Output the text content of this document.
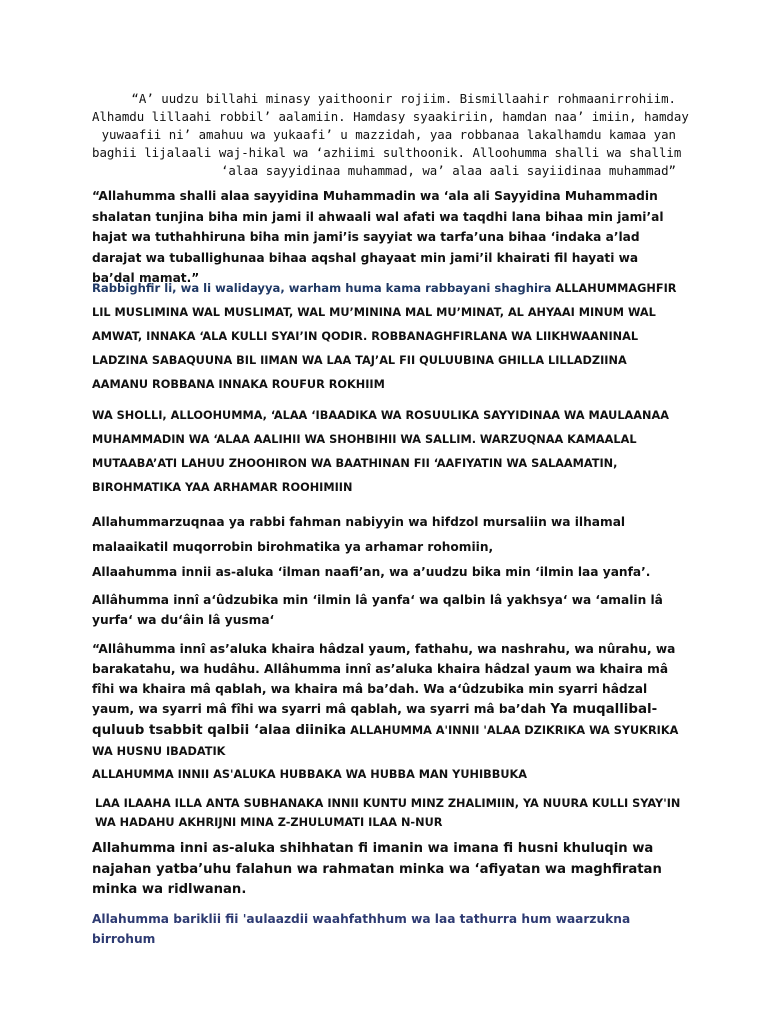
“A’ uudzu billahi minasy yaithoonir rojiim. Bismillaahir rohmaanirrohiim.
Alhamdu lillaahi robbil’ aalamiin. Hamdasy syaakiriin, hamdan naa’ imiin, hamday
yuwaafii ni’ amahuu wa yukaafi’ u mazzidah, yaa robbanaa lakalhamdu kamaa yan
baghii lijalaali waj-hikal wa ‘azhiimi sulthoonik. Alloohumma shalli wa shallim
‘alaa sayyidinaa muhammad, wa’ alaa aali sayiidinaa muhammad”
“Allahumma shalli alaa sayyidina Muhammadin wa ‘ala ali Sayyidina Muhammadin shalatan tunjina biha min jami il ahwaali wal afati wa taqdhi lana bihaa min jami’al hajat wa tuthahhiruna biha min jami’is sayyiat wa tarfa’una bihaa ‘indaka a’lad darajat wa tuballighunaa bihaa aqshal ghayaat min jami’il khairati fil hayati wa ba’dal mamat.”
Rabbighfir li, wa li walidayya, warham huma kama rabbayani shaghira ALLAHUMMAGHFIR LIL MUSLIMINA WAL MUSLIMAT, WAL MU’MININA MAL MU’MINAT, AL AHYAAI MINUM WAL AMWAT, INNAKA ‘ALA KULLI SYAI’IN QODIR. ROBBANAGHFIRLANA WA LIIKHWAANINAL LADZINA SABAQUUNA BIL IIMAN WA LAA TAJ’AL FII QULUUBINA GHILLA LILLADZIINA AAMANU ROBBANA INNAKA ROUFUR ROKHIIM
WA SHOLLI, ALLOOHUMMA, ‘ALAA ‘IBAADIKA WA ROSUULIKA SAYYIDINAA WA MAULAANAA MUHAMMADIN WA ‘ALAA AALIHII WA SHOHBIHII WA SALLIM. WARZUQNAA KAMAALAL MUTAABA’ATI LAHUU ZHOOHIRON WA BAATHINAN FII ‘AAFIYATIN WA SALAAMATIN, BIROHMATIKA YAA ARHAMAR ROOHIMIIN
Allahummarzuqnaa ya rabbi fahman nabiyyin wa hifdzol mursaliin wa ilhamal malaaikatil muqorrobin birohmatika ya arhamar rohomiin,
Allaahumma innii as-aluka ‘ilman naafi’an, wa a’uudzu bika min ‘ilmin laa yanfa’.
Allâhumma innî a‘ûdzubika min ‘ilmin lâ yanfa‘ wa qalbin lâ yakhsya‘ wa ‘amalin lâ yurfa‘ wa du‘âin lâ yusma‘
“Allâhumma innî as’aluka khaira hâdzal yaum, fathahu, wa nashrahu, wa nûrahu, wa barakatahu, wa hudâhu. Allâhumma innî as’aluka khaira hâdzal yaum wa khaira mâ fîhi wa khaira mâ qablah, wa khaira mâ ba’dah. Wa a‘ûdzubika min syarri hâdzal yaum, wa syarri mâ fîhi wa syarri mâ qablah, wa syarri mâ ba’dah Ya muqallibal-quluub tsabbit qalbii ‘alaa diinika ALLAHUMMA A'INNII 'ALAA DZIKRIKA WA SYUKRIKA WA HUSNU IBADATIK
ALLAHUMMA INNII AS'ALUKA HUBBAKA WA HUBBA MAN YUHIBBUKA
LAA ILAAHA ILLA ANTA SUBHANAKA INNII KUNTU MINZ ZHALIMIIN, YA NUURA KULLI SYAY'IN WA HADAHU AKHRIJNI MINA Z-ZHULUMATI ILAA N-NUR
Allahumma inni as-aluka shihhatan fi imanin wa imana fi husni khuluqin wa najahan yatba’uhu falahun wa rahmatan minka wa ‘afiyatan wa maghfiratan minka wa ridlwanan.
Allahumma bariklii fii 'aulaazdii waahfathhum wa laa tathurra hum waarzukna birrohum
